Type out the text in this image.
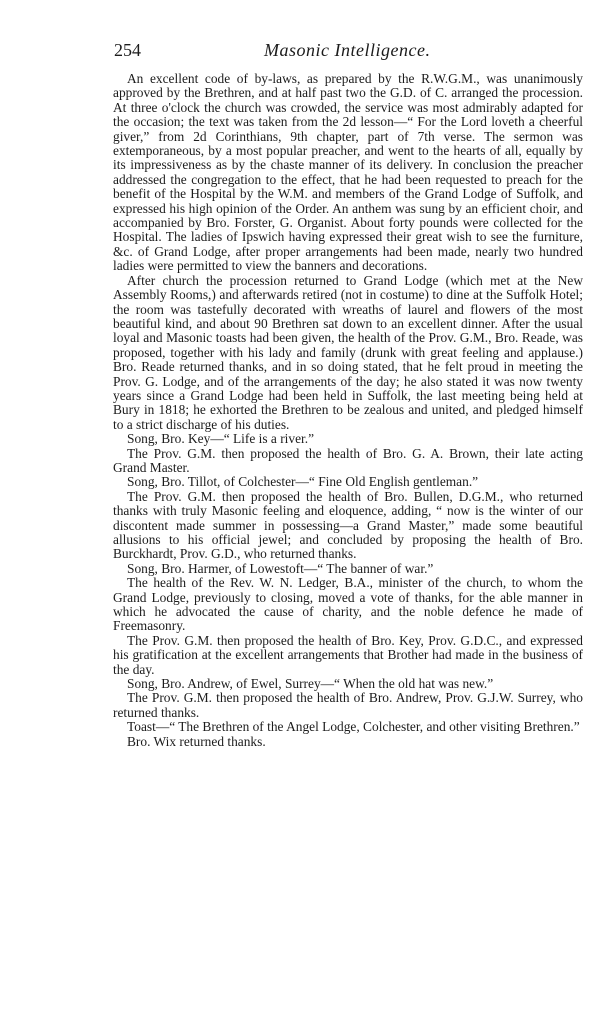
254	Masonic Intelligence.

An excellent code of by-laws, as prepared by the R.W.G.M., was unanimously approved by the Brethren, and at half past two the G.D. of C. arranged the procession. At three o'clock the church was crowded, the service was most admirably adapted for the occasion; the text was taken from the 2d lesson—“ For the Lord loveth a cheerful giver,” from 2d Corinthians, 9th chapter, part of 7th verse. The sermon was extemporaneous, by a most popular preacher, and went to the hearts of all, equally by its impressiveness as by the chaste manner of its delivery. In conclusion the preacher addressed the congregation to the effect, that he had been requested to preach for the benefit of the Hospital by the W.M. and members of the Grand Lodge of Suffolk, and expressed his high opinion of the Order. An anthem was sung by an efficient choir, and accompanied by Bro. Forster, G. Organist. About forty pounds were collected for the Hospital. The ladies of Ipswich having expressed their great wish to see the furniture, &c. of Grand Lodge, after proper arrangements had been made, nearly two hundred ladies were permitted to view the banners and decorations.

After church the procession returned to Grand Lodge (which met at the New Assembly Rooms,) and afterwards retired (not in costume) to dine at the Suffolk Hotel; the room was tastefully decorated with wreaths of laurel and flowers of the most beautiful kind, and about 90 Brethren sat down to an excellent dinner. After the usual loyal and Masonic toasts had been given, the health of the Prov. G.M., Bro. Reade, was proposed, together with his lady and family (drunk with great feeling and applause.) Bro. Reade returned thanks, and in so doing stated, that he felt proud in meeting the Prov. G. Lodge, and of the arrangements of the day; he also stated it was now twenty years since a Grand Lodge had been held in Suffolk, the last meeting being held at Bury in 1818; he exhorted the Brethren to be zealous and united, and pledged himself to a strict discharge of his duties.

Song, Bro. Key—“ Life is a river.”

The Prov. G.M. then proposed the health of Bro. G. A. Brown, their late acting Grand Master.

Song, Bro. Tillot, of Colchester—“ Fine Old English gentleman.”

The Prov. G.M. then proposed the health of Bro. Bullen, D.G.M., who returned thanks with truly Masonic feeling and eloquence, adding, “ now is the winter of our discontent made summer in possessing—a Grand Master,” made some beautiful allusions to his official jewel; and concluded by proposing the health of Bro. Burckhardt, Prov. G.D., who returned thanks.

Song, Bro. Harmer, of Lowestoft—“ The banner of war.”

The health of the Rev. W. N. Ledger, B.A., minister of the church, to whom the Grand Lodge, previously to closing, moved a vote of thanks, for the able manner in which he advocated the cause of charity, and the noble defence he made of Freemasonry.

The Prov. G.M. then proposed the health of Bro. Key, Prov. G.D.C., and expressed his gratification at the excellent arrangements that Brother had made in the business of the day.

Song, Bro. Andrew, of Ewel, Surrey—“ When the old hat was new.”

The Prov. G.M. then proposed the health of Bro. Andrew, Prov. G.J.W. Surrey, who returned thanks.

Toast—“ The Brethren of the Angel Lodge, Colchester, and other visiting Brethren.”

Bro. Wix returned thanks.
